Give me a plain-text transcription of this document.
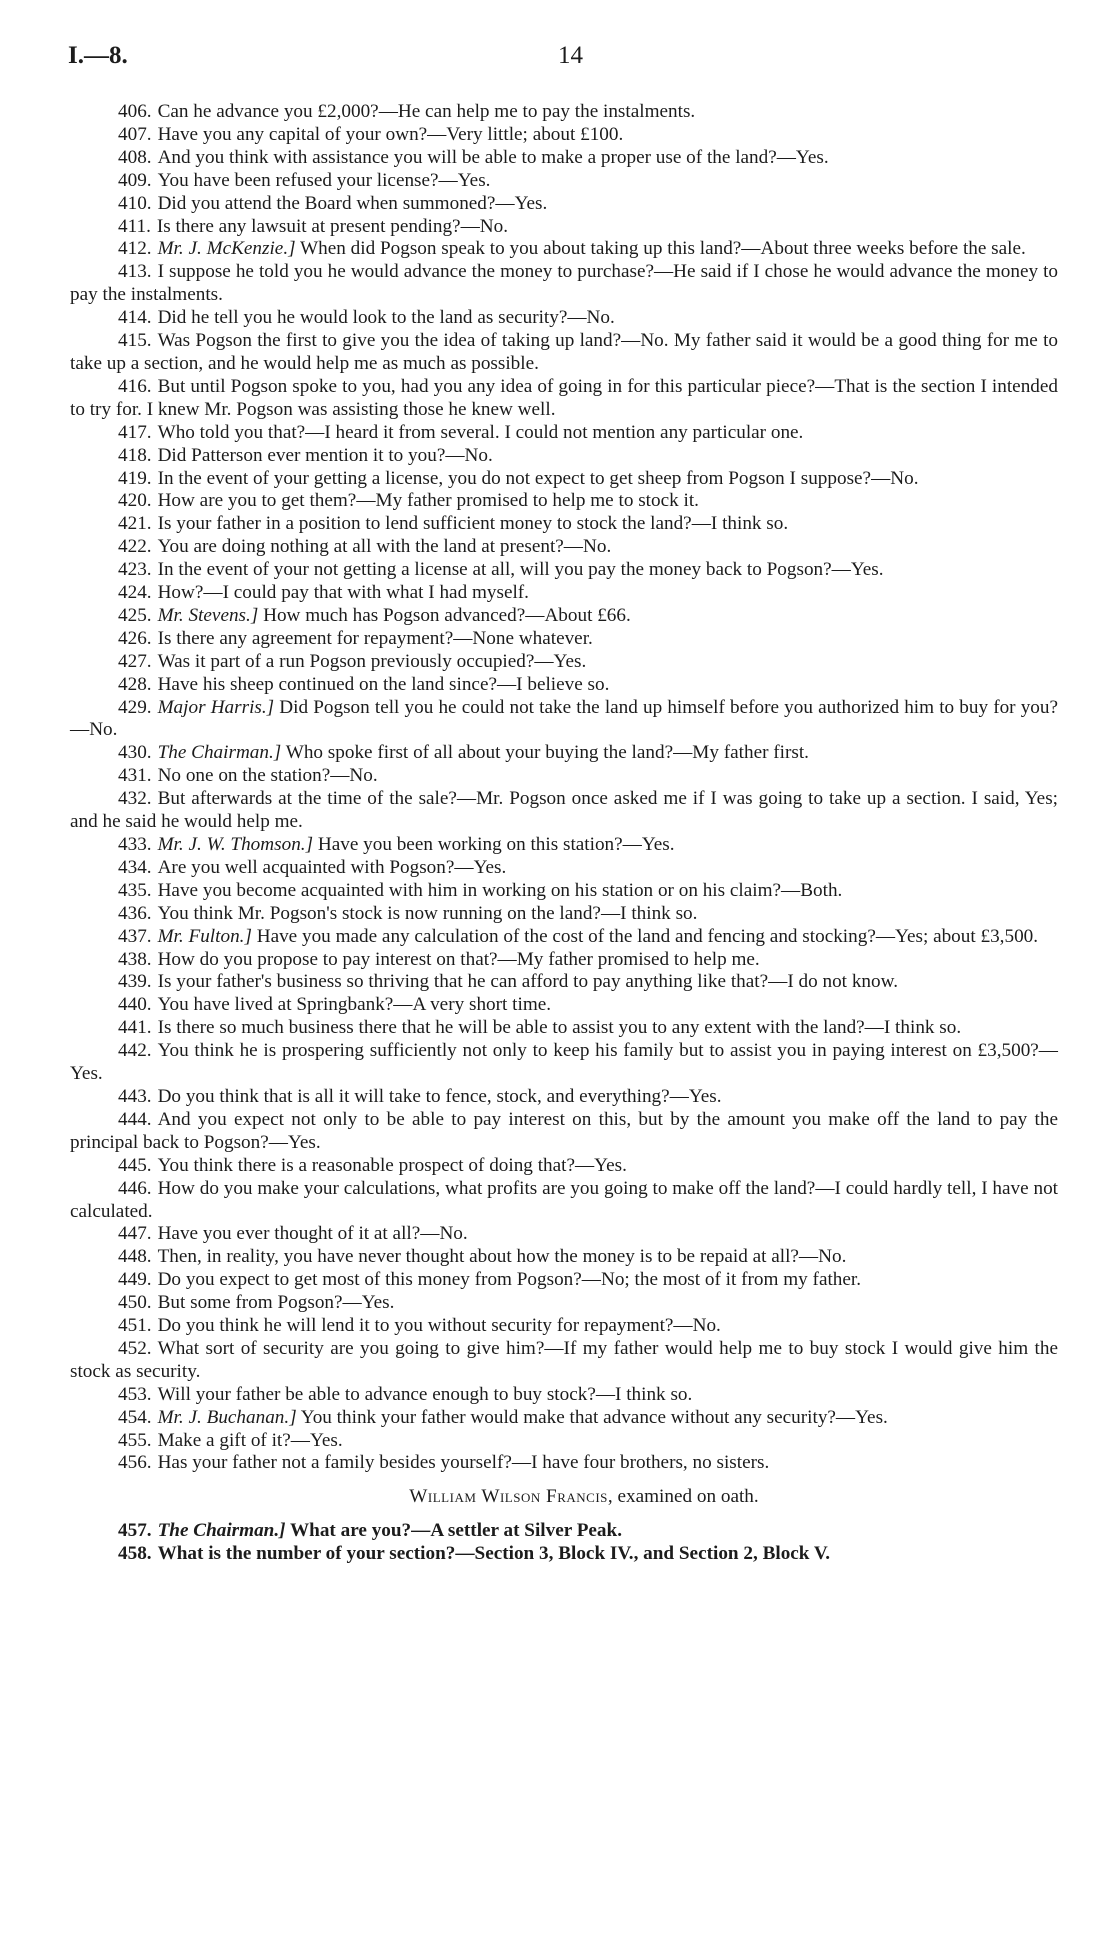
I.—8.	14

406. Can he advance you £2,000?—He can help me to pay the instalments.

407. Have you any capital of your own?—Very little; about £100.

408. And you think with assistance you will be able to make a proper use of the land?—Yes.

409. You have been refused your license?—Yes.

410. Did you attend the Board when summoned?—Yes.

411. Is there any lawsuit at present pending?—No.

412. Mr. J. McKenzie.] When did Pogson speak to you about taking up this land?—About three weeks before the sale.

413. I suppose he told you he would advance the money to purchase?—He said if I chose he would advance the money to pay the instalments.

414. Did he tell you he would look to the land as security?—No.

415. Was Pogson the first to give you the idea of taking up land?—No. My father said it would be a good thing for me to take up a section, and he would help me as much as possible.

416. But until Pogson spoke to you, had you any idea of going in for this particular piece?—That is the section I intended to try for. I knew Mr. Pogson was assisting those he knew well.

417. Who told you that?—I heard it from several. I could not mention any particular one.

418. Did Patterson ever mention it to you?—No.

419. In the event of your getting a license, you do not expect to get sheep from Pogson I suppose?—No.

420. How are you to get them?—My father promised to help me to stock it.

421. Is your father in a position to lend sufficient money to stock the land?—I think so.

422. You are doing nothing at all with the land at present?—No.

423. In the event of your not getting a license at all, will you pay the money back to Pogson?—Yes.

424. How?—I could pay that with what I had myself.

425. Mr. Stevens.] How much has Pogson advanced?—About £66.

426. Is there any agreement for repayment?—None whatever.

427. Was it part of a run Pogson previously occupied?—Yes.

428. Have his sheep continued on the land since?—I believe so.

429. Major Harris.] Did Pogson tell you he could not take the land up himself before you authorized him to buy for you?—No.

430. The Chairman.] Who spoke first of all about your buying the land?—My father first.

431. No one on the station?—No.

432. But afterwards at the time of the sale?—Mr. Pogson once asked me if I was going to take up a section. I said, Yes; and he said he would help me.

433. Mr. J. W. Thomson.] Have you been working on this station?—Yes.

434. Are you well acquainted with Pogson?—Yes.

435. Have you become acquainted with him in working on his station or on his claim?—Both.

436. You think Mr. Pogson's stock is now running on the land?—I think so.

437. Mr. Fulton.] Have you made any calculation of the cost of the land and fencing and stocking?—Yes; about £3,500.

438. How do you propose to pay interest on that?—My father promised to help me.

439. Is your father's business so thriving that he can afford to pay anything like that?—I do not know.

440. You have lived at Springbank?—A very short time.

441. Is there so much business there that he will be able to assist you to any extent with the land?—I think so.

442. You think he is prospering sufficiently not only to keep his family but to assist you in paying interest on £3,500?—Yes.

443. Do you think that is all it will take to fence, stock, and everything?—Yes.

444. And you expect not only to be able to pay interest on this, but by the amount you make off the land to pay the principal back to Pogson?—Yes.

445. You think there is a reasonable prospect of doing that?—Yes.

446. How do you make your calculations, what profits are you going to make off the land?—I could hardly tell, I have not calculated.

447. Have you ever thought of it at all?—No.

448. Then, in reality, you have never thought about how the money is to be repaid at all?—No.

449. Do you expect to get most of this money from Pogson?—No; the most of it from my father.

450. But some from Pogson?—Yes.

451. Do you think he will lend it to you without security for repayment?—No.

452. What sort of security are you going to give him?—If my father would help me to buy stock I would give him the stock as security.

453. Will your father be able to advance enough to buy stock?—I think so.

454. Mr. J. Buchanan.] You think your father would make that advance without any security?—Yes.

455. Make a gift of it?—Yes.

456. Has your father not a family besides yourself?—I have four brothers, no sisters.

William Wilson Francis, examined on oath.

457. The Chairman.] What are you?—A settler at Silver Peak.

458. What is the number of your section?—Section 3, Block IV., and Section 2, Block V.
